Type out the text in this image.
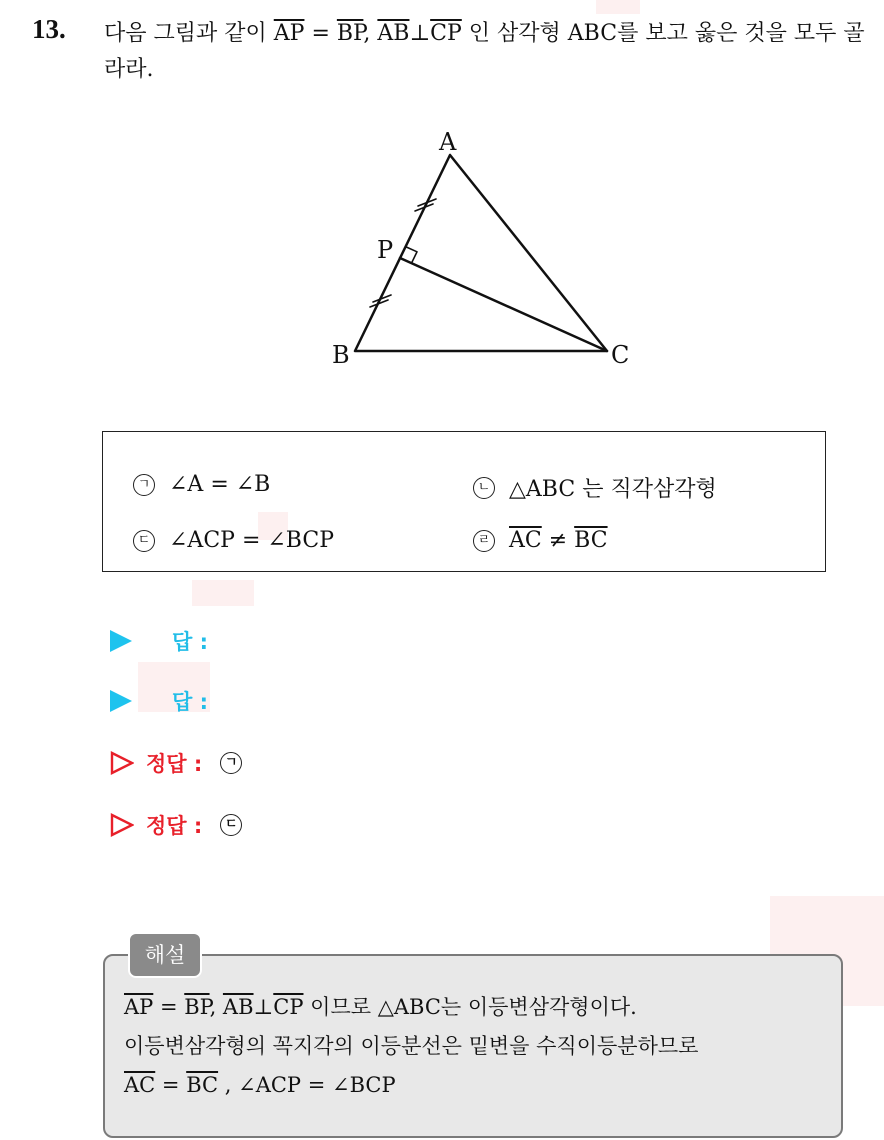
13. 다음 그림과 같이 $\overline{AP} = \overline{BP}$, $\overline{AB}\perp\overline{CP}$ 인 삼각형 ABC를 보고 옳은 것을 모두 골라라.
A
B	C
P
ㄱ ∠A = ∠B	ㄴ △ABC 는 직각삼각형
ㄷ ∠ACP = ∠BCP	ㄹ $\overline{AC} \ne \overline{BC}$
답 :
답 :
정답 :	ㄱ
정답 :	ㄷ
해설
$\overline{AP} = \overline{BP}$, $\overline{AB}\perp\overline{CP}$ 이므로 △ABC는 이등변삼각형이다.
이등변삼각형의 꼭지각의 이등분선은 밑변을 수직이등분하므로
$\overline{AC} = \overline{BC}$ , ∠ACP = ∠BCP
